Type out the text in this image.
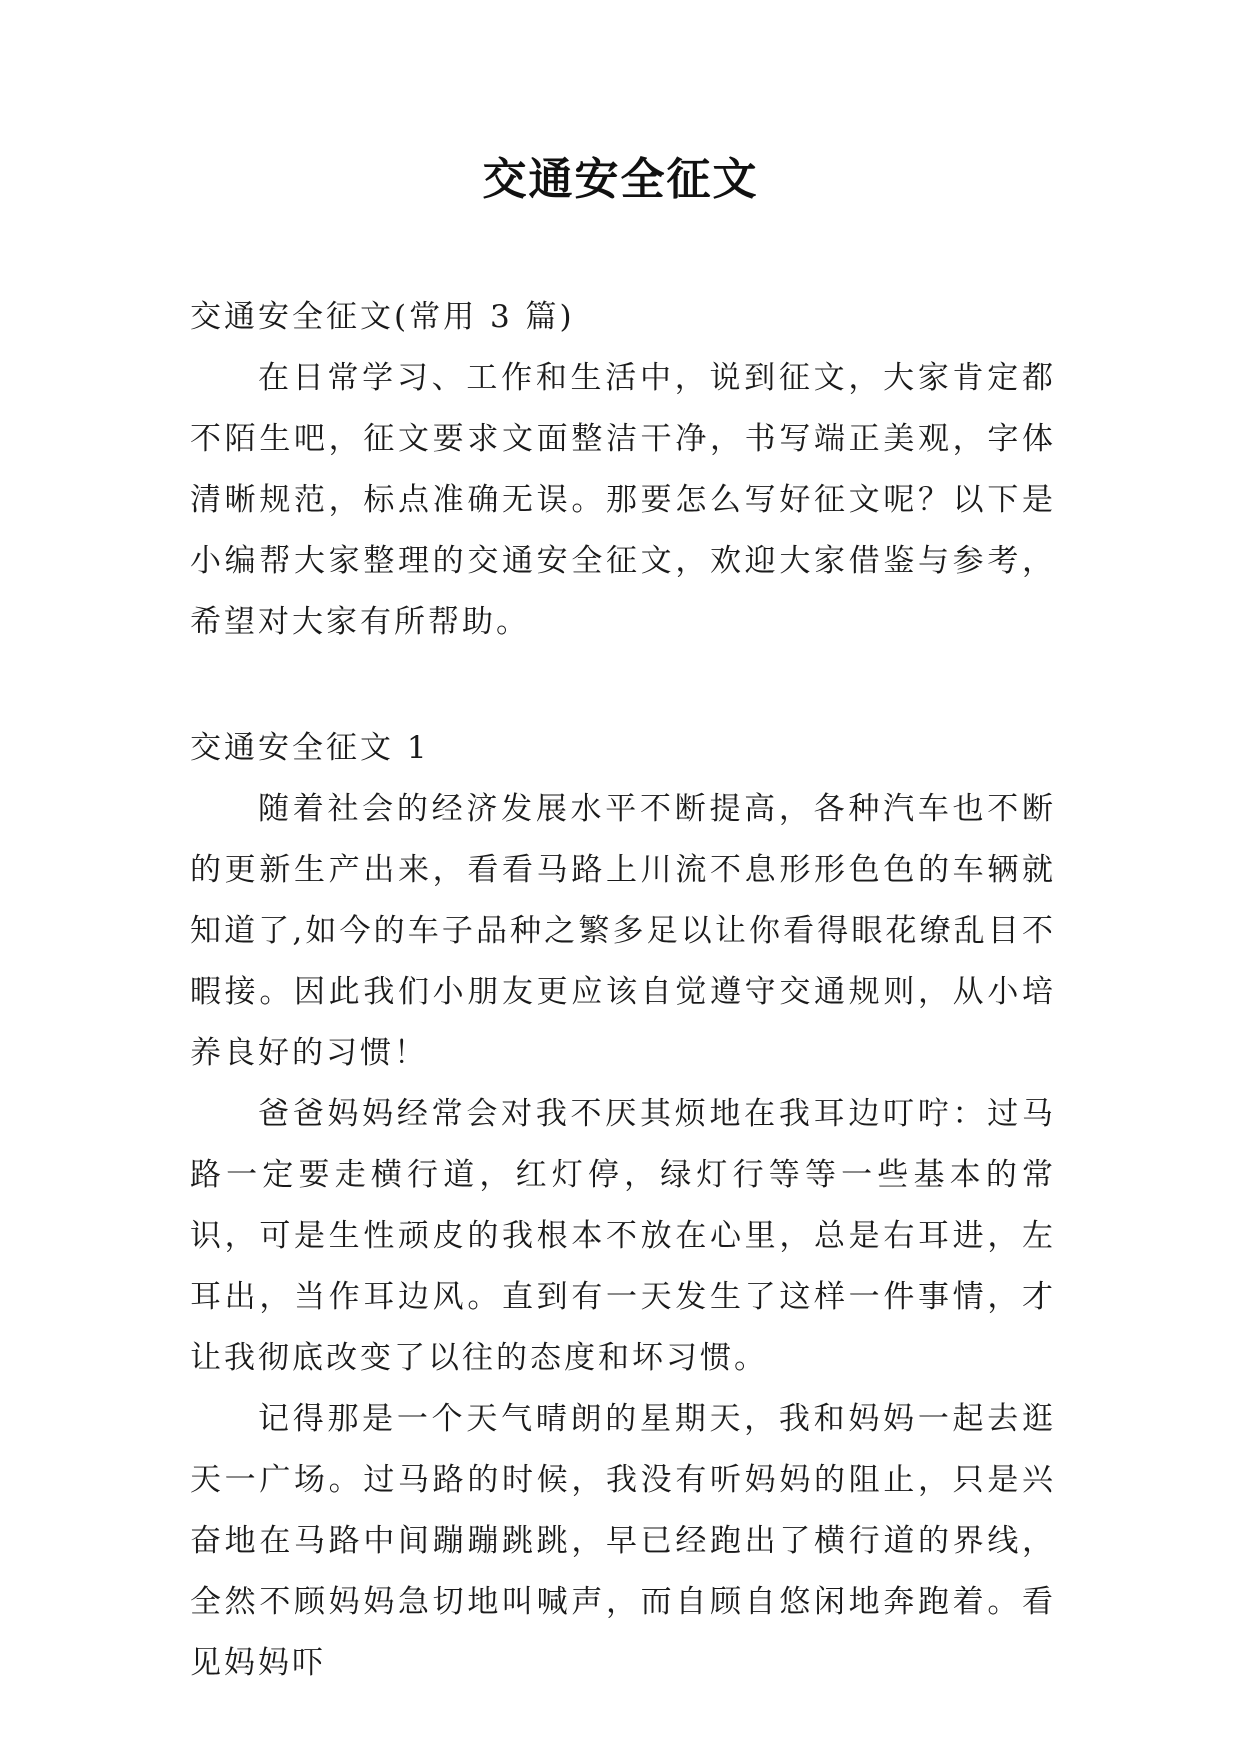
交通安全征文

交通安全征文(常用 3 篇)

在日常学习、工作和生活中，说到征文，大家肯定都不陌生吧，征文要求文面整洁干净，书写端正美观，字体清晰规范，标点准确无误。那要怎么写好征文呢？以下是小编帮大家整理的交通安全征文，欢迎大家借鉴与参考，希望对大家有所帮助。

交通安全征文 1

随着社会的经济发展水平不断提高，各种汽车也不断的更新生产出来，看看马路上川流不息形形色色的车辆就知道了,如今的车子品种之繁多足以让你看得眼花缭乱目不暇接。因此我们小朋友更应该自觉遵守交通规则，从小培养良好的习惯！

爸爸妈妈经常会对我不厌其烦地在我耳边叮咛：过马路一定要走横行道，红灯停，绿灯行等等一些基本的常识，可是生性顽皮的我根本不放在心里，总是右耳进，左耳出，当作耳边风。直到有一天发生了这样一件事情，才让我彻底改变了以往的态度和坏习惯。

记得那是一个天气晴朗的星期天，我和妈妈一起去逛天一广场。过马路的时候，我没有听妈妈的阻止，只是兴奋地在马路中间蹦蹦跳跳，早已经跑出了横行道的界线，全然不顾妈妈急切地叫喊声，而自顾自悠闲地奔跑着。看见妈妈吓
